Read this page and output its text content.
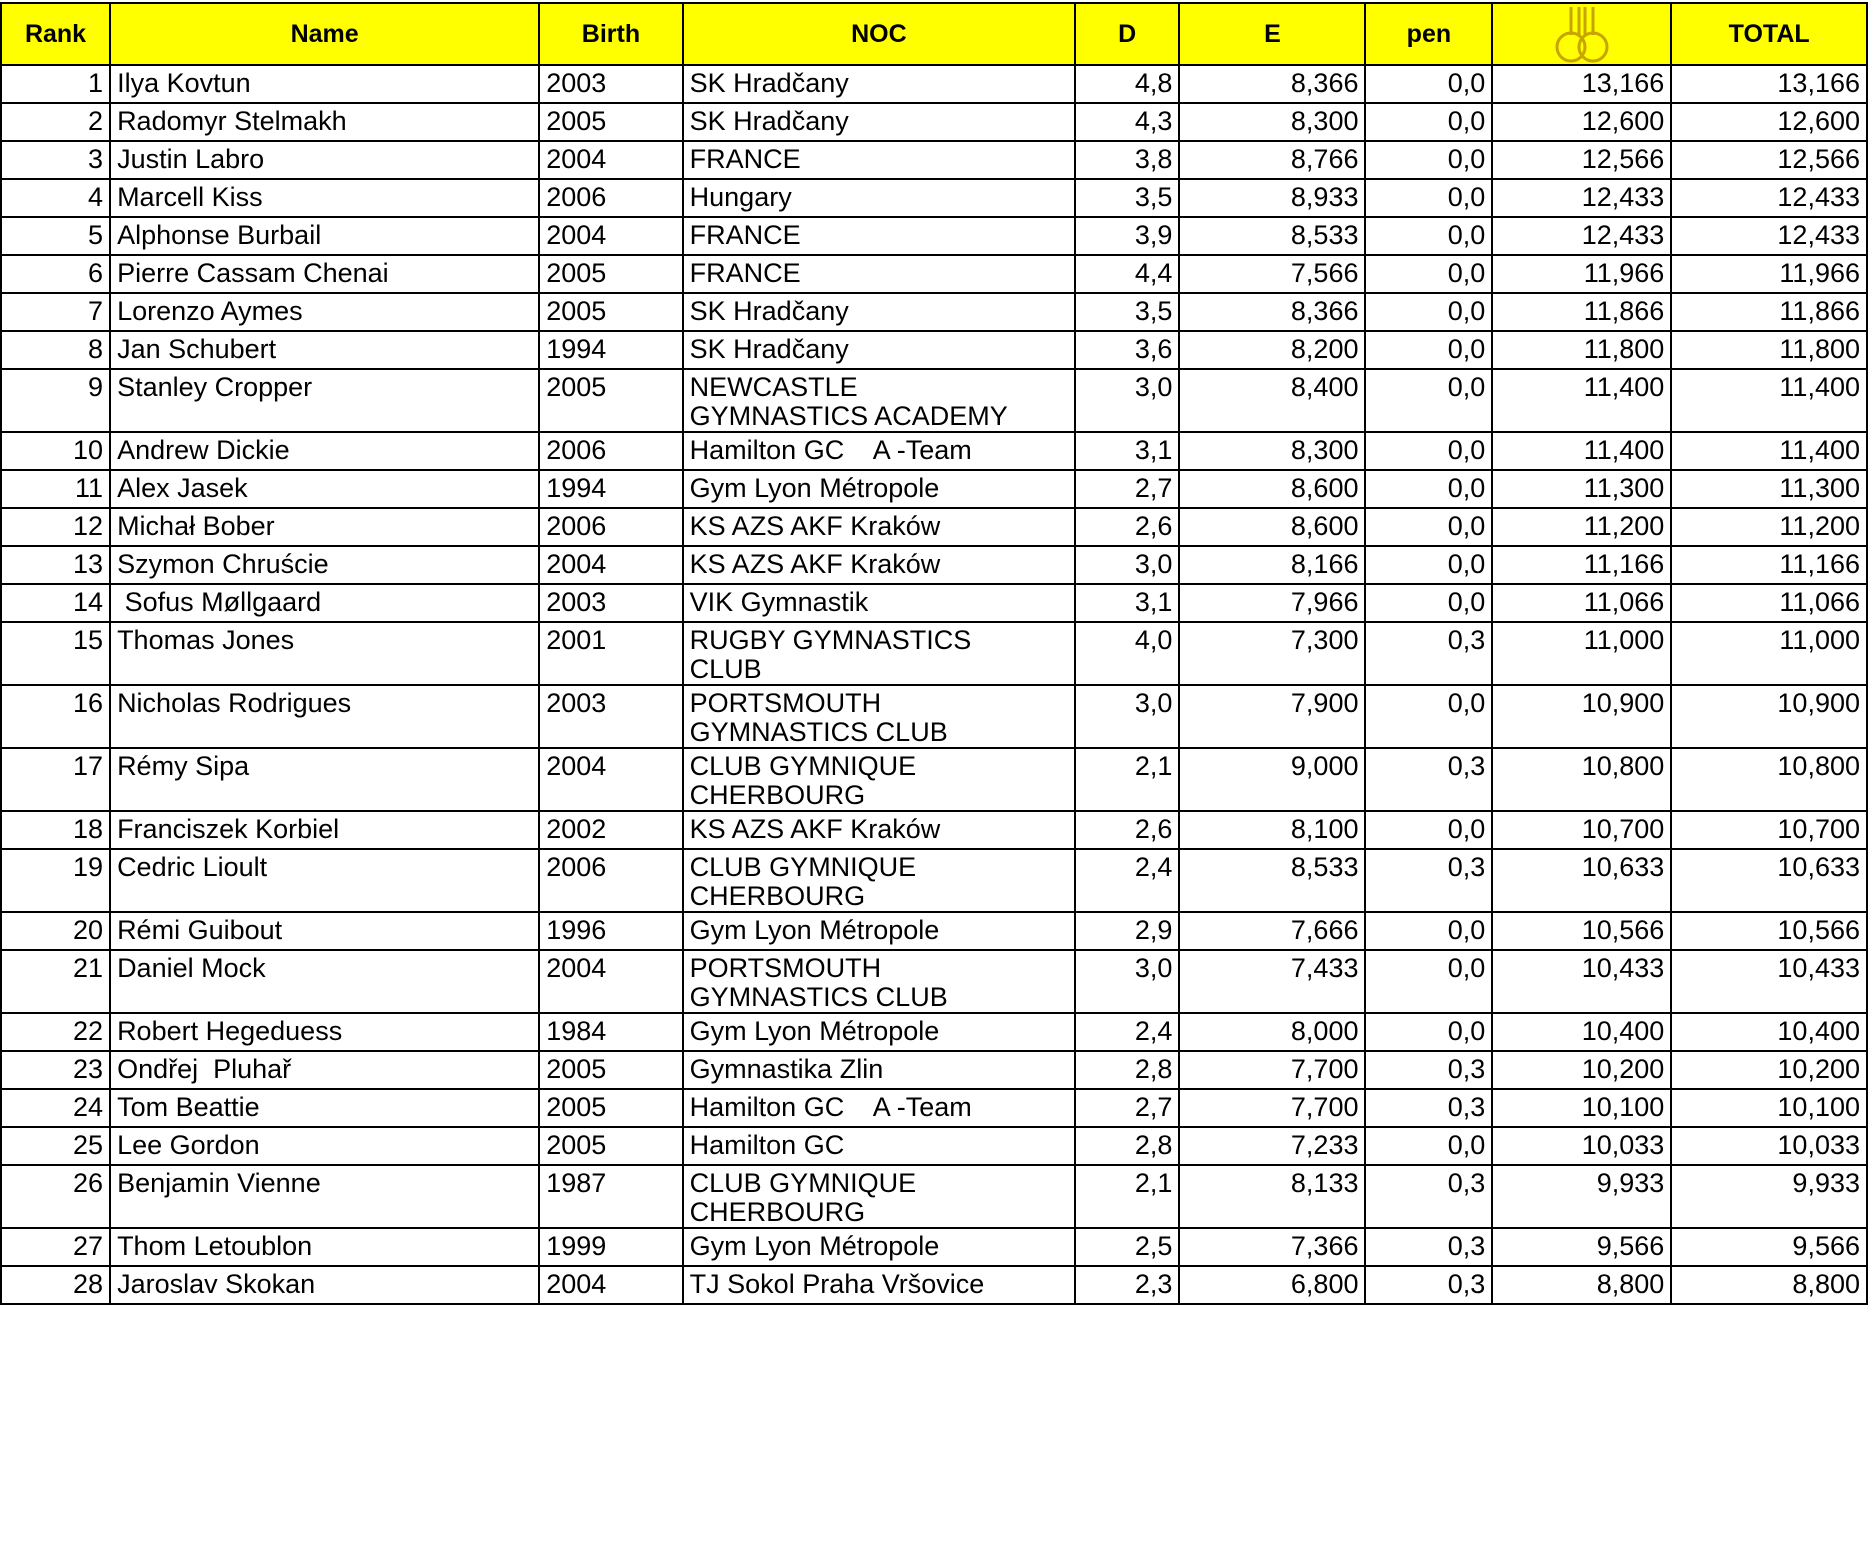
Rank	Name	Birth	NOC	D	E	pen		TOTAL
1	Ilya Kovtun	2003	SK Hradčany	4,8	8,366	0,0	13,166	13,166
2	Radomyr Stelmakh	2005	SK Hradčany	4,3	8,300	0,0	12,600	12,600
3	Justin Labro	2004	FRANCE	3,8	8,766	0,0	12,566	12,566
4	Marcell Kiss	2006	Hungary	3,5	8,933	0,0	12,433	12,433
5	Alphonse Burbail	2004	FRANCE	3,9	8,533	0,0	12,433	12,433
6	Pierre Cassam Chenai	2005	FRANCE	4,4	7,566	0,0	11,966	11,966
7	Lorenzo Aymes	2005	SK Hradčany	3,5	8,366	0,0	11,866	11,866
8	Jan Schubert	1994	SK Hradčany	3,6	8,200	0,0	11,800	11,800
9	Stanley Cropper	2005	NEWCASTLE
GYMNASTICS ACADEMY	3,0	8,400	0,0	11,400	11,400
10	Andrew Dickie	2006	Hamilton GC    A -Team	3,1	8,300	0,0	11,400	11,400
11	Alex Jasek	1994	Gym Lyon Métropole	2,7	8,600	0,0	11,300	11,300
12	Michał Bober	2006	KS AZS AKF Kraków	2,6	8,600	0,0	11,200	11,200
13	Szymon Chruście	2004	KS AZS AKF Kraków	3,0	8,166	0,0	11,166	11,166
14	Sofus Møllgaard	2003	VIK Gymnastik	3,1	7,966	0,0	11,066	11,066
15	Thomas Jones	2001	RUGBY GYMNASTICS
CLUB	4,0	7,300	0,3	11,000	11,000
16	Nicholas Rodrigues	2003	PORTSMOUTH
GYMNASTICS CLUB	3,0	7,900	0,0	10,900	10,900
17	Rémy Sipa	2004	CLUB GYMNIQUE
CHERBOURG	2,1	9,000	0,3	10,800	10,800
18	Franciszek Korbiel	2002	KS AZS AKF Kraków	2,6	8,100	0,0	10,700	10,700
19	Cedric Lioult	2006	CLUB GYMNIQUE
CHERBOURG	2,4	8,533	0,3	10,633	10,633
20	Rémi Guibout	1996	Gym Lyon Métropole	2,9	7,666	0,0	10,566	10,566
21	Daniel Mock	2004	PORTSMOUTH
GYMNASTICS CLUB	3,0	7,433	0,0	10,433	10,433
22	Robert Hegeduess	1984	Gym Lyon Métropole	2,4	8,000	0,0	10,400	10,400
23	Ondřej  Pluhař	2005	Gymnastika Zlin	2,8	7,700	0,3	10,200	10,200
24	Tom Beattie	2005	Hamilton GC    A -Team	2,7	7,700	0,3	10,100	10,100
25	Lee Gordon	2005	Hamilton GC	2,8	7,233	0,0	10,033	10,033
26	Benjamin Vienne	1987	CLUB GYMNIQUE
CHERBOURG	2,1	8,133	0,3	9,933	9,933
27	Thom Letoublon	1999	Gym Lyon Métropole	2,5	7,366	0,3	9,566	9,566
28	Jaroslav Skokan	2004	TJ Sokol Praha Vršovice	2,3	6,800	0,3	8,800	8,800
